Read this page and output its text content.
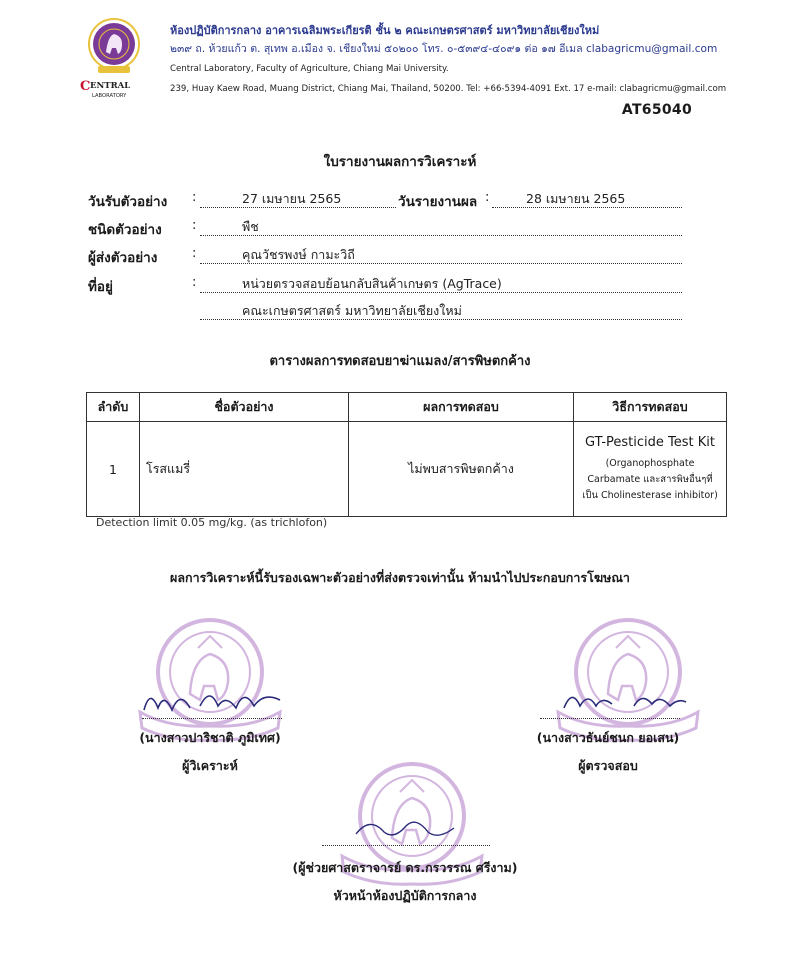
C ENTRAL
LABORATORY
ห้องปฏิบัติการกลาง อาคารเฉลิมพระเกียรติ ชั้น ๒ คณะเกษตรศาสตร์ มหาวิทยาลัยเชียงใหม่
๒๓๙ ถ. ห้วยแก้ว ต. สุเทพ อ.เมือง จ. เชียงใหม่ ๕๐๒๐๐ โทร. ๐-๕๓๙๔-๔๐๙๑ ต่อ ๑๗ อีเมล clabagricmu@gmail.com
Central Laboratory, Faculty of Agriculture, Chiang Mai University.
239, Huay Kaew Road, Muang District, Chiang Mai, Thailand, 50200. Tel: +66-5394-4091 Ext. 17 e-mail: clabagricmu@gmail.com
AT65040
ใบรายงานผลการวิเคราะห์
วันรับตัวอย่าง :	27 เมษายน 2565	วันรายงานผล :	28 เมษายน 2565
ชนิดตัวอย่าง :	พืช
ผู้ส่งตัวอย่าง	:	คุณวัชรพงษ์ กามะวิถี
ที่อยู่	:	หน่วยตรวจสอบย้อนกลับสินค้าเกษตร (AgTrace)
คณะเกษตรศาสตร์ มหาวิทยาลัยเชียงใหม่
ตารางผลการทดสอบยาฆ่าแมลง/สารพิษตกค้าง
ลำดับ	ชื่อตัวอย่าง	ผลการทดสอบ	วิธีการทดสอบ
1	โรสแมรี่	ไม่พบสารพิษตกค้าง	GT-Pesticide Test Kit
(Organophosphate
Carbamate และสารพิษอื่นๆที่
เป็น Cholinesterase inhibitor)
Detection limit 0.05 mg/kg. (as trichlofon)
ผลการวิเคราะห์นี้รับรองเฉพาะตัวอย่างที่ส่งตรวจเท่านั้น ห้ามนำไปประกอบการโฆษณา
(นางสาวปาริชาติ ภูมิเทศ)
ผู้วิเคราะห์
(นางสาวธันย์ชนก ยอเสน)
ผู้ตรวจสอบ
(ผู้ช่วยศาสตราจารย์ ดร.กรวรรณ ศรีงาม)
หัวหน้าห้องปฏิบัติการกลาง
